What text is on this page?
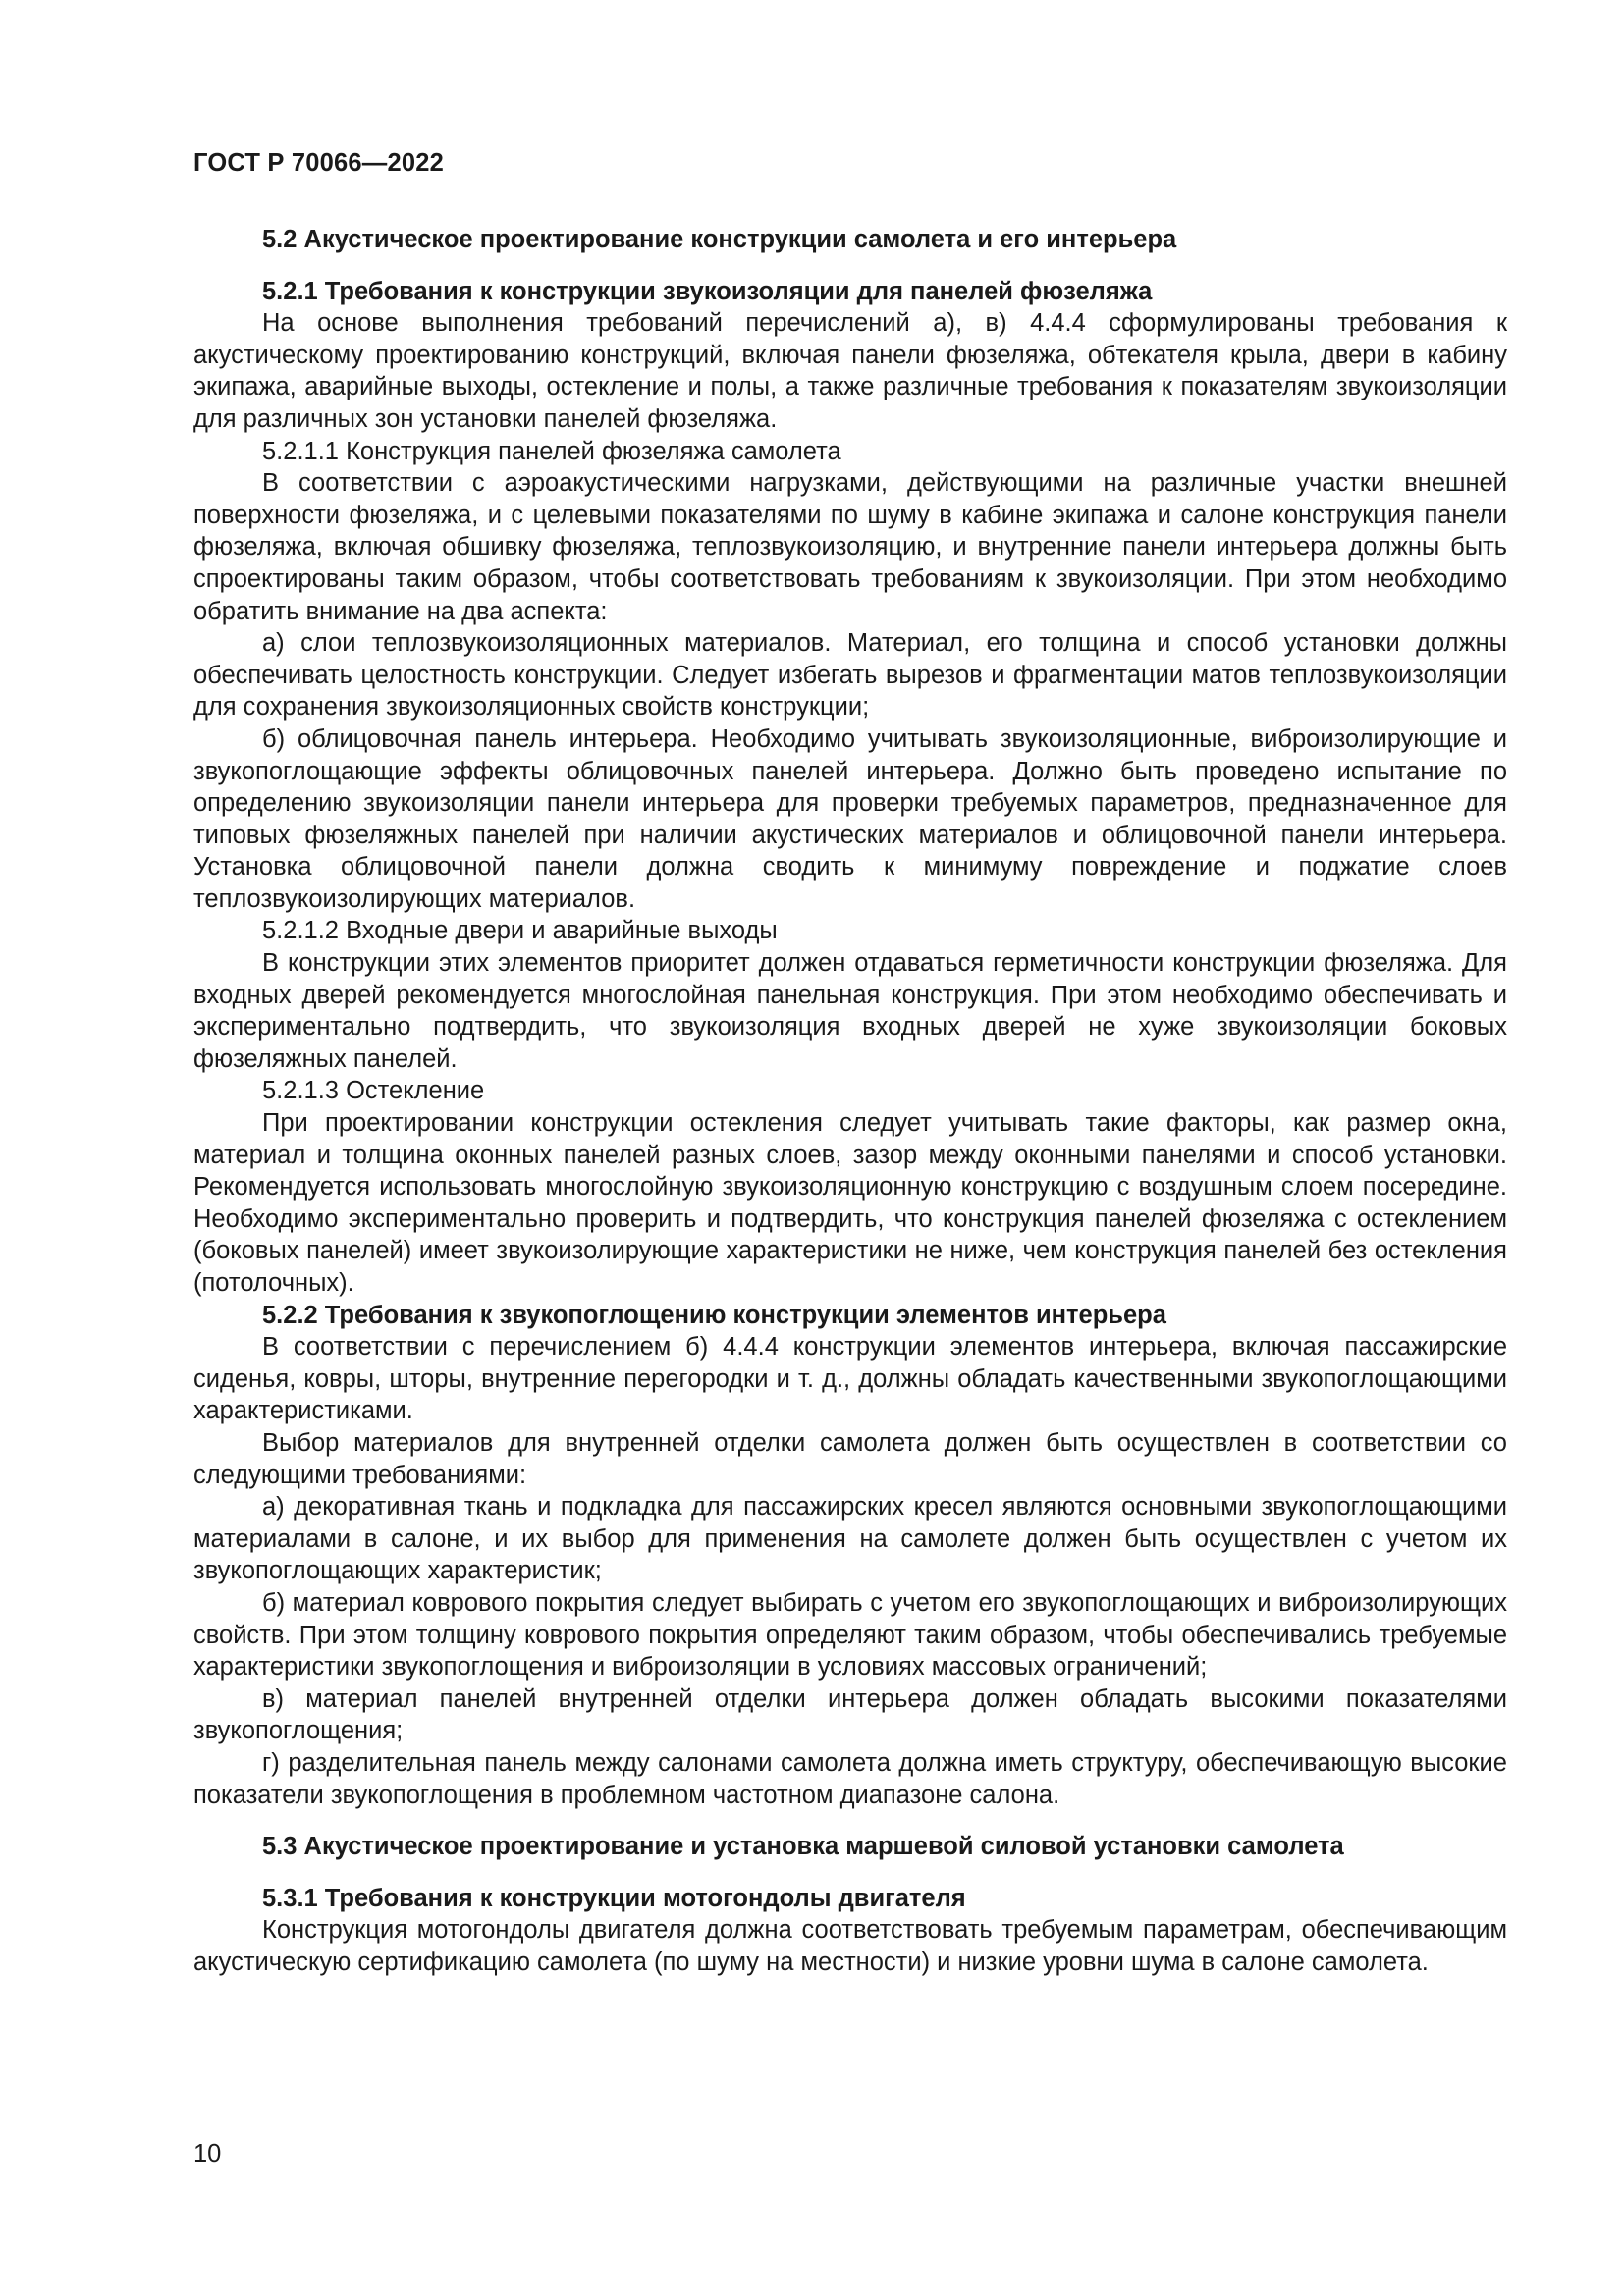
ГОСТ Р 70066—2022
5.2 Акустическое проектирование конструкции самолета и его интерьера
5.2.1 Требования к конструкции звукоизоляции для панелей фюзеляжа

На основе выполнения требований перечислений а), в) 4.4.4 сформулированы требования к акустическому проектированию конструкций, включая панели фюзеляжа, обтекателя крыла, двери в кабину экипажа, аварийные выходы, остекление и полы, а также различные требования к показателям звукоизоляции для различных зон установки панелей фюзеляжа.

5.2.1.1 Конструкция панелей фюзеляжа самолета

В соответствии с аэроакустическими нагрузками, действующими на различные участки внешней поверхности фюзеляжа, и с целевыми показателями по шуму в кабине экипажа и салоне конструкция панели фюзеляжа, включая обшивку фюзеляжа, теплозвукоизоляцию, и внутренние панели интерьера должны быть спроектированы таким образом, чтобы соответствовать требованиям к звукоизоляции. При этом необходимо обратить внимание на два аспекта:

а) слои теплозвукоизоляционных материалов. Материал, его толщина и способ установки должны обеспечивать целостность конструкции. Следует избегать вырезов и фрагментации матов теплозвукоизоляции для сохранения звукоизоляционных свойств конструкции;

б) облицовочная панель интерьера. Необходимо учитывать звукоизоляционные, виброизолирующие и звукопоглощающие эффекты облицовочных панелей интерьера. Должно быть проведено испытание по определению звукоизоляции панели интерьера для проверки требуемых параметров, предназначенное для типовых фюзеляжных панелей при наличии акустических материалов и облицовочной панели интерьера. Установка облицовочной панели должна сводить к минимуму повреждение и поджатие слоев теплозвукоизолирующих материалов.

5.2.1.2 Входные двери и аварийные выходы

В конструкции этих элементов приоритет должен отдаваться герметичности конструкции фюзеляжа. Для входных дверей рекомендуется многослойная панельная конструкция. При этом необходимо обеспечивать и экспериментально подтвердить, что звукоизоляция входных дверей не хуже звукоизоляции боковых фюзеляжных панелей.

5.2.1.3 Остекление

При проектировании конструкции остекления следует учитывать такие факторы, как размер окна, материал и толщина оконных панелей разных слоев, зазор между оконными панелями и способ установки. Рекомендуется использовать многослойную звукоизоляционную конструкцию с воздушным слоем посередине. Необходимо экспериментально проверить и подтвердить, что конструкция панелей фюзеляжа с остеклением (боковых панелей) имеет звукоизолирующие характеристики не ниже, чем конструкция панелей без остекления (потолочных).

5.2.2 Требования к звукопоглощению конструкции элементов интерьера

В соответствии с перечислением б) 4.4.4 конструкции элементов интерьера, включая пассажирские сиденья, ковры, шторы, внутренние перегородки и т. д., должны обладать качественными звукопоглощающими характеристиками.

Выбор материалов для внутренней отделки самолета должен быть осуществлен в соответствии со следующими требованиями:

а) декоративная ткань и подкладка для пассажирских кресел являются основными звукопоглощающими материалами в салоне, и их выбор для применения на самолете должен быть осуществлен с учетом их звукопоглощающих характеристик;

б) материал коврового покрытия следует выбирать с учетом его звукопоглощающих и виброизолирующих свойств. При этом толщину коврового покрытия определяют таким образом, чтобы обеспечивались требуемые характеристики звукопоглощения и виброизоляции в условиях массовых ограничений;

в) материал панелей внутренней отделки интерьера должен обладать высокими показателями звукопоглощения;

г) разделительная панель между салонами самолета должна иметь структуру, обеспечивающую высокие показатели звукопоглощения в проблемном частотном диапазоне салона.

5.3 Акустическое проектирование и установка маршевой силовой установки самолета
5.3.1 Требования к конструкции мотогондолы двигателя

Конструкция мотогондолы двигателя должна соответствовать требуемым параметрам, обеспечивающим акустическую сертификацию самолета (по шуму на местности) и низкие уровни шума в салоне самолета.

10
